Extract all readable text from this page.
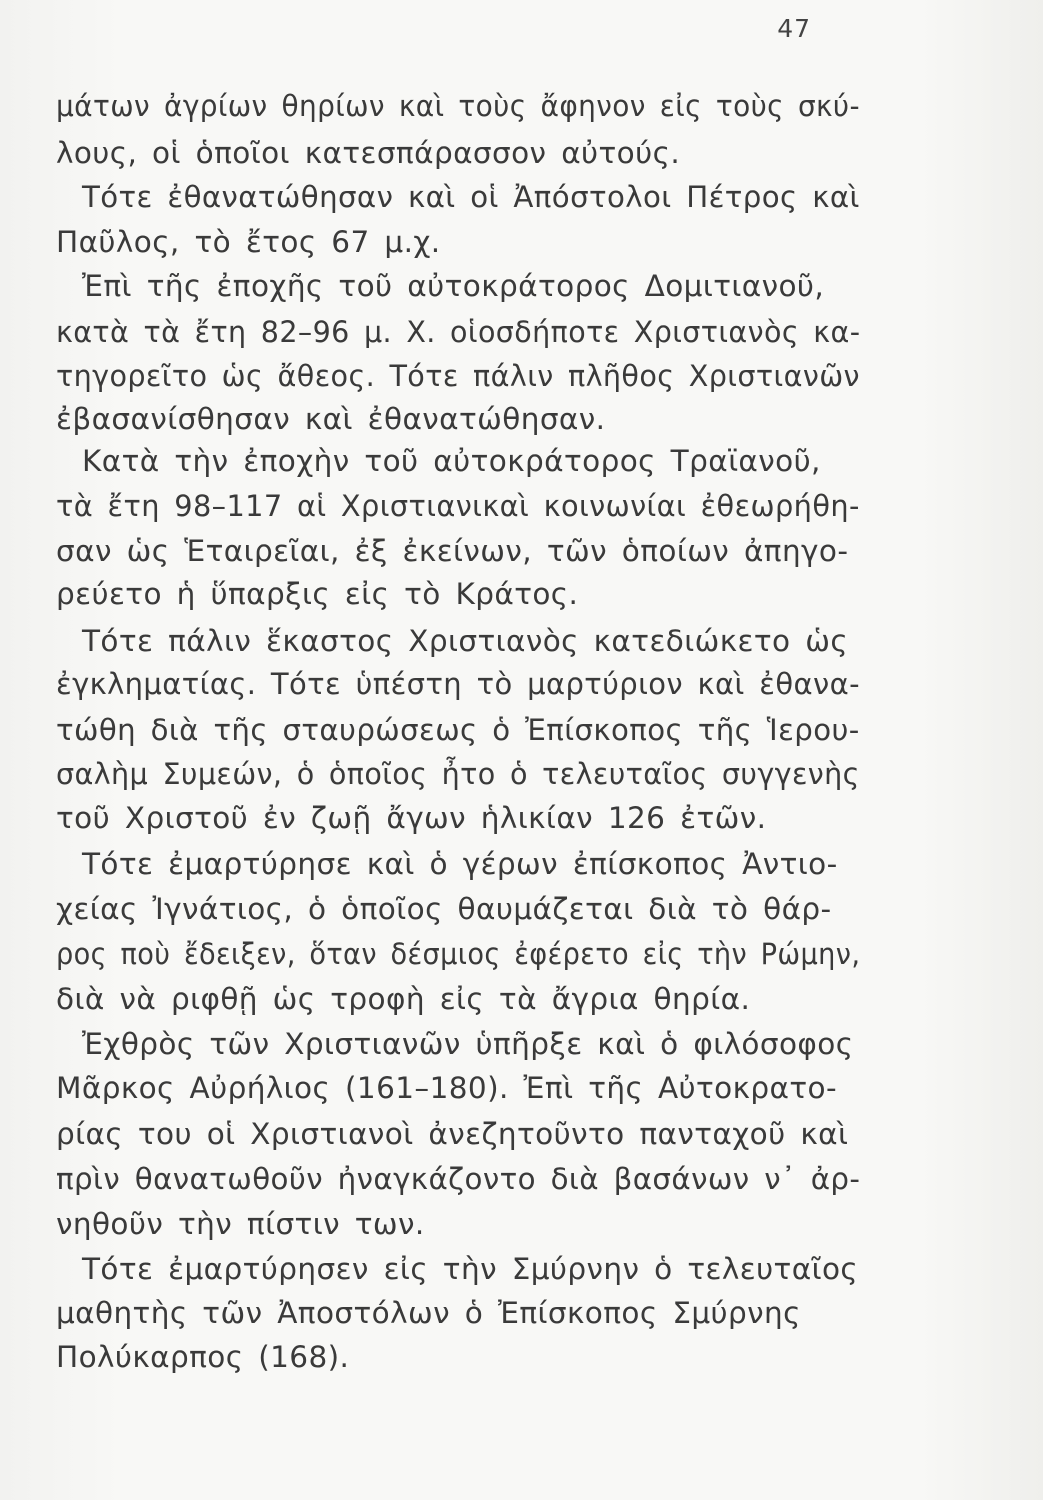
47
μάτων ἀγρίων θηρίων καὶ τοὺς ἄφηνον εἰς τοὺς σκύ-
λους, οἱ ὁποῖοι κατεσπάρασσον αὐτούς.
Τότε ἐθανατώθησαν καὶ οἱ Ἀπόστολοι Πέτρος καὶ
Παῦλος, τὸ ἔτος 67 μ.χ.
Ἐπὶ τῆς ἐποχῆς τοῦ αὐτοκράτορος Δομιτιανοῦ,
κατὰ τὰ ἔτη 82–96 μ. Χ. οἱοσδήποτε Χριστιανὸς κα-
τηγορεῖτο ὡς ἄθεος. Τότε πάλιν πλῆθος Χριστιανῶν
ἐβασανίσθησαν καὶ ἐθανατώθησαν.
Κατὰ τὴν ἐποχὴν τοῦ αὐτοκράτορος Τραϊανοῦ,
τὰ ἔτη 98–117 αἱ Χριστιανικαὶ κοινωνίαι ἐθεωρήθη-
σαν ὡς Ἑταιρεῖαι, ἐξ ἐκείνων, τῶν ὁποίων ἀπηγο-
ρεύετο ἡ ὕπαρξις εἰς τὸ Κράτος.
Τότε πάλιν ἕκαστος Χριστιανὸς κατεδιώκετο ὡς
ἐγκληματίας. Τότε ὑπέστη τὸ μαρτύριον καὶ ἐθανα-
τώθη διὰ τῆς σταυρώσεως ὁ Ἐπίσκοπος τῆς Ἱερου-
σαλὴμ Συμεών, ὁ ὁποῖος ἦτο ὁ τελευταῖος συγγενὴς
τοῦ Χριστοῦ ἐν ζωῇ ἄγων ἡλικίαν 126 ἐτῶν.
Τότε ἐμαρτύρησε καὶ ὁ γέρων ἐπίσκοπος Ἀντιο-
χείας Ἰγνάτιος, ὁ ὁποῖος θαυμάζεται διὰ τὸ θάρ-
ρος ποὺ ἔδειξεν, ὅταν δέσμιος ἐφέρετο εἰς τὴν Ρώμην,
διὰ νὰ ριφθῇ ὡς τροφὴ εἰς τὰ ἄγρια θηρία.
Ἐχθρὸς τῶν Χριστιανῶν ὑπῆρξε καὶ ὁ φιλόσοφος
Μᾶρκος Αὐρήλιος (161–180). Ἐπὶ τῆς Αὐτοκρατο-
ρίας του οἱ Χριστιανοὶ ἀνεζητοῦντο πανταχοῦ καὶ
πρὶν θανατωθοῦν ἠναγκάζοντο διὰ βασάνων ν᾽ ἀρ-
νηθοῦν τὴν πίστιν των.
Τότε ἐμαρτύρησεν εἰς τὴν Σμύρνην ὁ τελευταῖος
μαθητὴς τῶν Ἀποστόλων ὁ Ἐπίσκοπος Σμύρνης
Πολύκαρπος (168).
